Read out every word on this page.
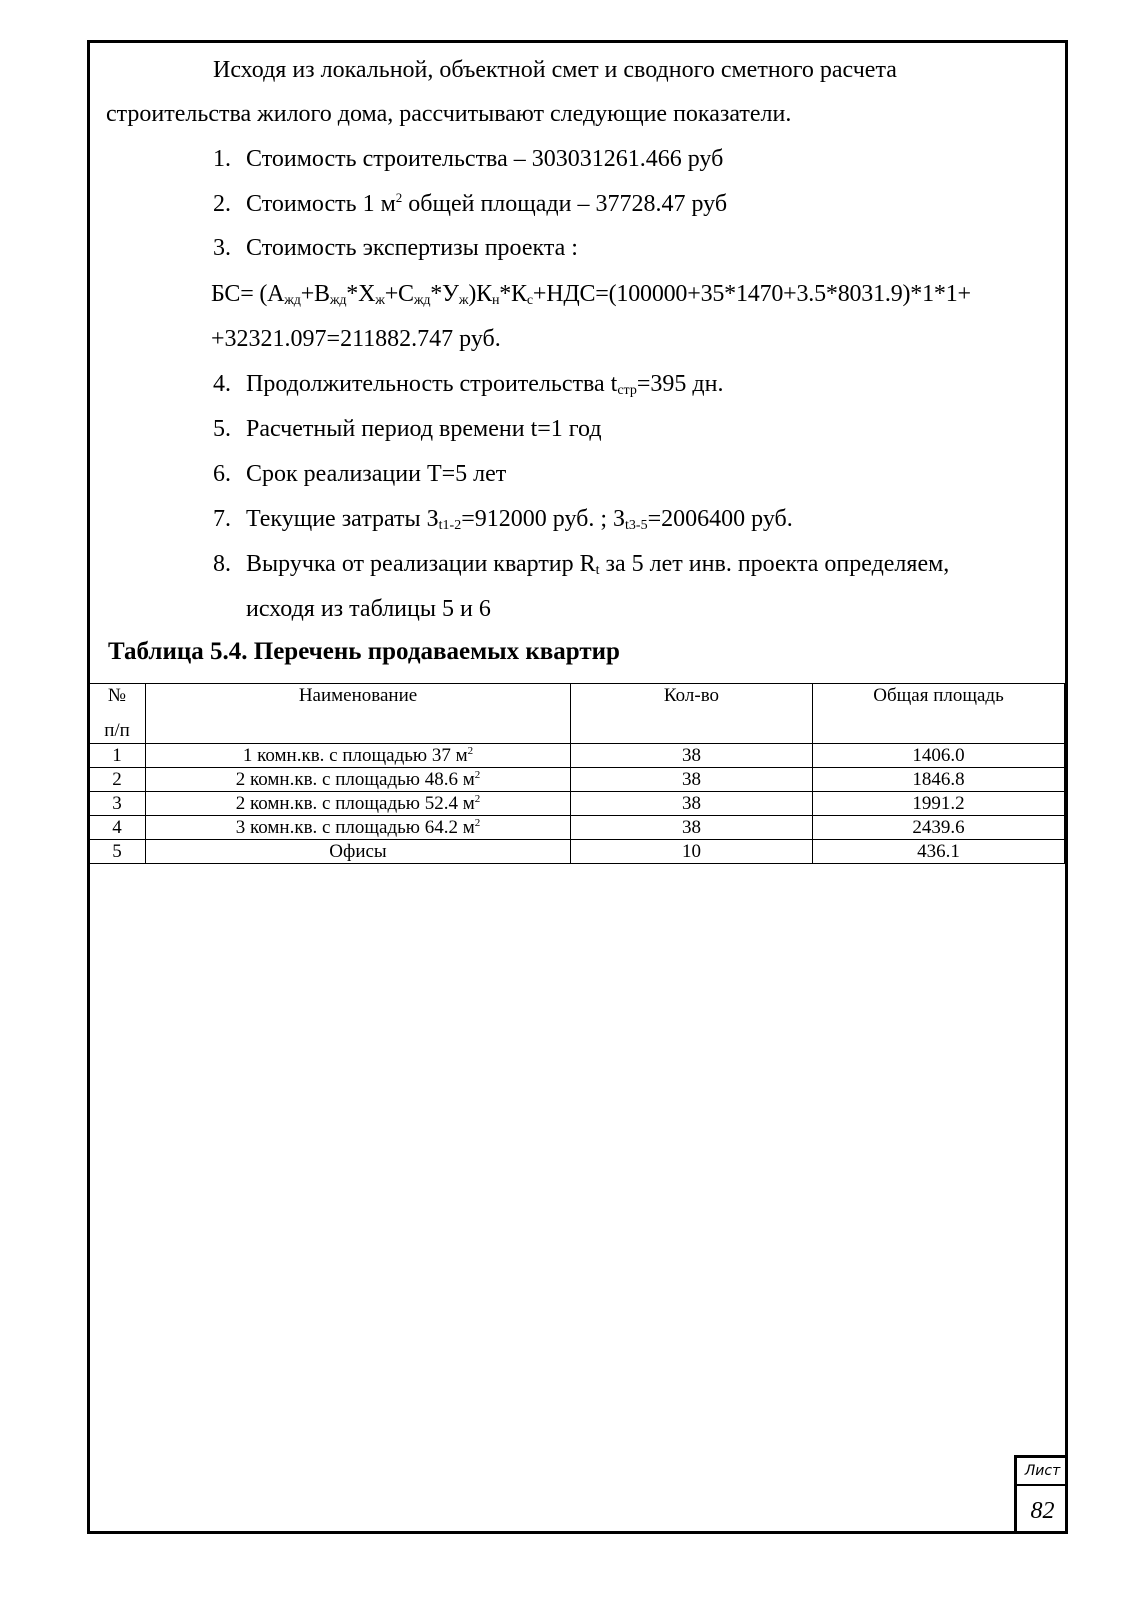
Исходя из локальной, объектной смет и сводного сметного расчета
строительства жилого дома, рассчитывают следующие показатели.
1. Стоимость строительства – 303031261.466 руб
2. Стоимость 1 $м^2$ общей площади – 37728.47 руб
3. Стоимость экспертизы проекта :
$БС= (А_{жд}+В_{жд}*Х_ж+С_{жд}*У_ж)К_н*К_с+НДС=(100000+35*1470+3.5*8031.9)*1*1+$
+32321.097=211882.747 руб.
4. Продолжительность строительства $t_{стр}=395$ дн.
5. Расчетный период времени t=1 год
6. Срок реализации T=5 лет
7. Текущие затраты $З_{t1-2}=912000$ руб. ; $З_{t3-5}=2006400$ руб.
8. Выручка от реализации квартир $R_t$ за 5 лет инв. проекта определяем,
исходя из таблицы 5 и 6
Таблица 5.4. Перечень продаваемых квартир
№
п/п	Наименование	Кол-во	Общая площадь
1	1 комн.кв. с площадью 37 $м^2$	38	1406.0
2	2 комн.кв. с площадью 48.6 $м^2$	38	1846.8
3	2 комн.кв. с площадью 52.4 $м^2$	38	1991.2
4	3 комн.кв. с площадью 64.2 $м^2$	38	2439.6
5	Офисы	10	436.1
Лист
82
